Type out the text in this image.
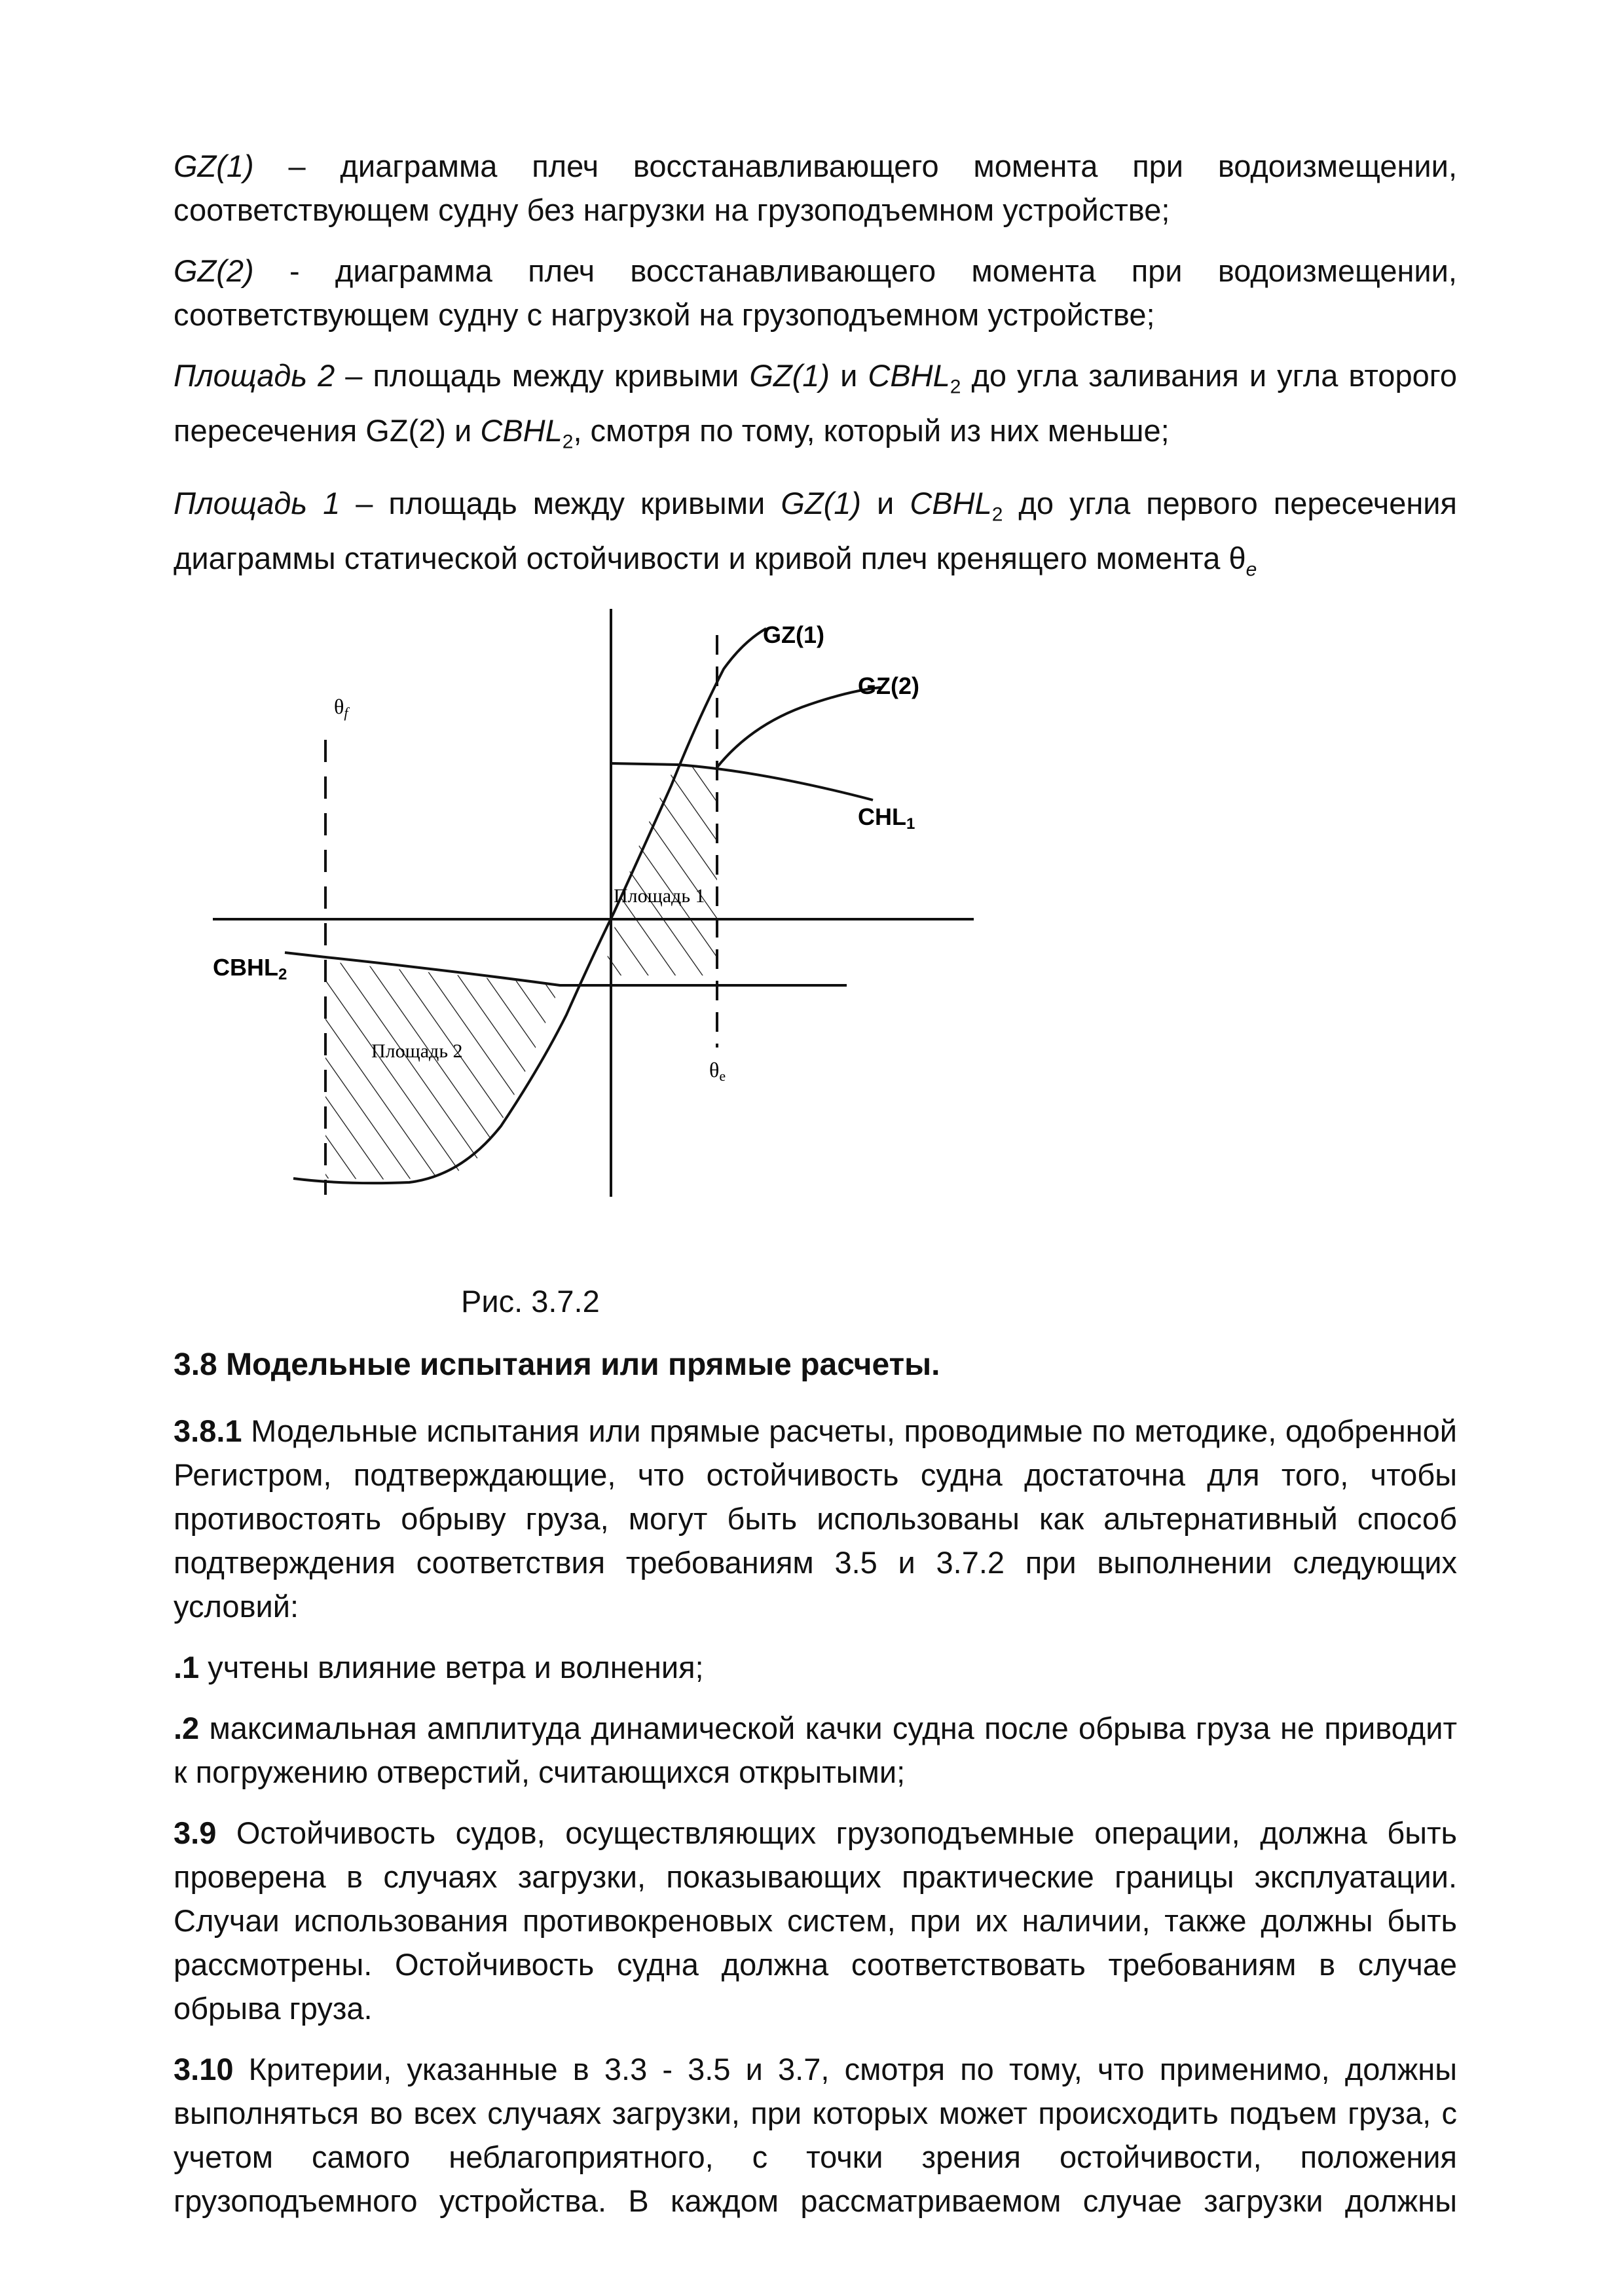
GZ(1) – диаграмма плеч восстанавливающего момента при водоизмещении, соответствующем судну без нагрузки на грузоподъемном устройстве;

GZ(2) - диаграмма плеч восстанавливающего момента при водоизмещении, соответствующем судну с нагрузкой на грузоподъемном устройстве;

Площадь 2 – площадь между кривыми GZ(1) и $CBHL_2$ до угла заливания и угла второго пересечения GZ(2) и $CBHL_2$, смотря по тому, который из них меньше;

Площадь 1 – площадь между кривыми GZ(1) и $CBHL_2$ до угла первого пересечения диаграммы статической остойчивости и кривой плеч кренящего момента $\theta_e$

GZ(1)
GZ(2)
CHL1
CBHL2
θf
θe
Площадь 1
Площадь 2
Рис. 3.7.2
3.8 Модельные испытания или прямые расчеты.

3.8.1 Модельные испытания или прямые расчеты, проводимые по методике, одобренной Регистром, подтверждающие, что остойчивость судна достаточна для того, чтобы противостоять обрыву груза, могут быть использованы как альтернативный способ подтверждения соответствия требованиям 3.5 и 3.7.2 при выполнении следующих условий:

.1 учтены влияние ветра и волнения;

.2 максимальная амплитуда динамической качки судна после обрыва груза не приводит к погружению отверстий, считающихся открытыми;

3.9 Остойчивость судов, осуществляющих грузоподъемные операции, должна быть проверена в случаях загрузки, показывающих практические границы эксплуатации. Случаи использования противокреновых систем, при их наличии, также должны быть рассмотрены. Остойчивость судна должна соответствовать требованиям в случае обрыва груза.

3.10 Критерии, указанные в 3.3 - 3.5 и 3.7, смотря по тому, что применимо, должны выполняться во всех случаях загрузки, при которых может происходить подъем груза, с учетом самого неблагоприятного, с точки зрения остойчивости, положения грузоподъемного устройства. В каждом рассматриваемом случае загрузки должны
